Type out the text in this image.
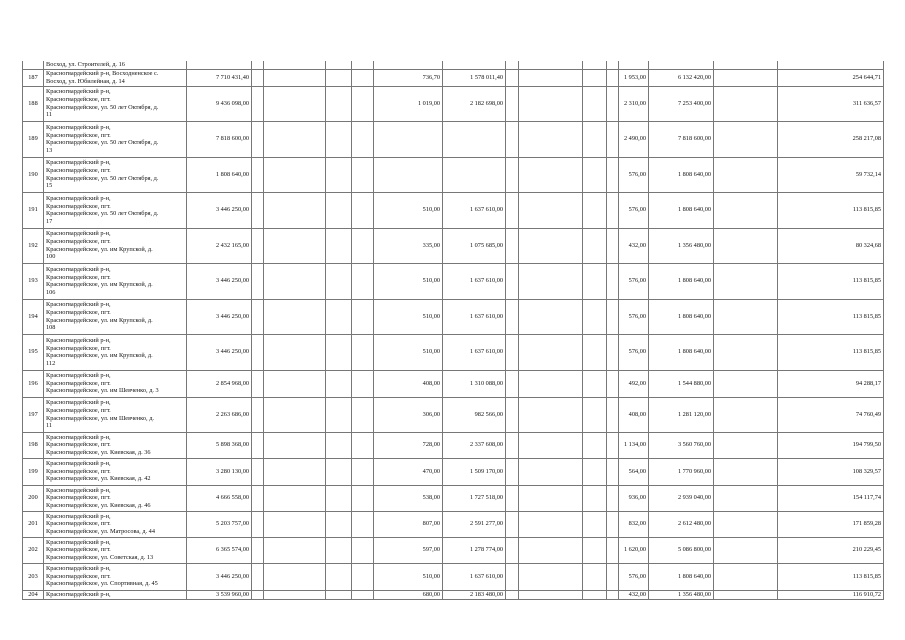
	Восход, ул. Строителей, д. 16															
187	Красногвардейский р-н, Восходненское с.
Восход, ул. Юбилейная, д. 14	7 710 431,40					736,70	1 578 011,40					1 953,00	6 132 420,00		254 644,71
188	Красногвардейский р-н,
Красногвардейское, пгт.
Красногвардейское, ул. 50 лет Октября, д.
11	9 436 098,00					1 019,00	2 182 698,00					2 310,00	7 253 400,00		311 636,57
189	Красногвардейский р-н,
Красногвардейское, пгт.
Красногвардейское, ул. 50 лет Октября, д.
13	7 818 600,00											2 490,00	7 818 600,00		258 217,08
190	Красногвардейский р-н,
Красногвардейское, пгт.
Красногвардейское, ул. 50 лет Октября, д.
15	1 808 640,00											576,00	1 808 640,00		59 732,14
191	Красногвардейский р-н,
Красногвардейское, пгт.
Красногвардейское, ул. 50 лет Октября, д.
17	3 446 250,00					510,00	1 637 610,00					576,00	1 808 640,00		113 815,85
192	Красногвардейский р-н,
Красногвардейское, пгт.
Красногвардейское, ул. им Крупской, д.
100	2 432 165,00					335,00	1 075 685,00					432,00	1 356 480,00		80 324,68
193	Красногвардейский р-н,
Красногвардейское, пгт.
Красногвардейское, ул. им Крупской, д.
106	3 446 250,00					510,00	1 637 610,00					576,00	1 808 640,00		113 815,85
194	Красногвардейский р-н,
Красногвардейское, пгт.
Красногвардейское, ул. им Крупской, д.
108	3 446 250,00					510,00	1 637 610,00					576,00	1 808 640,00		113 815,85
195	Красногвардейский р-н,
Красногвардейское, пгт.
Красногвардейское, ул. им Крупской, д.
112	3 446 250,00					510,00	1 637 610,00					576,00	1 808 640,00		113 815,85
196	Красногвардейский р-н,
Красногвардейское, пгт.
Красногвардейское, ул. им Шевченко, д. 3	2 854 968,00					408,00	1 310 088,00					492,00	1 544 880,00		94 288,17
197	Красногвардейский р-н,
Красногвардейское, пгт.
Красногвардейское, ул. им Шевченко, д.
11	2 263 686,00					306,00	982 566,00					408,00	1 281 120,00		74 760,49
198	Красногвардейский р-н,
Красногвардейское, пгт.
Красногвардейское, ул. Киевская, д. 36	5 898 368,00					728,00	2 337 608,00					1 134,00	3 560 760,00		194 799,50
199	Красногвардейский р-н,
Красногвардейское, пгт.
Красногвардейское, ул. Киевская, д. 42	3 280 130,00					470,00	1 509 170,00					564,00	1 770 960,00		108 329,57
200	Красногвардейский р-н,
Красногвардейское, пгт.
Красногвардейское, ул. Киевская, д. 46	4 666 558,00					538,00	1 727 518,00					936,00	2 939 040,00		154 117,74
201	Красногвардейский р-н,
Красногвардейское, пгт.
Красногвардейское, ул. Матросова, д. 44	5 203 757,00					807,00	2 591 277,00					832,00	2 612 480,00		171 859,28
202	Красногвардейский р-н,
Красногвардейское, пгт.
Красногвардейское, ул. Советская, д. 13	6 365 574,00					597,00	1 278 774,00					1 620,00	5 086 800,00		210 229,45
203	Красногвардейский р-н,
Красногвардейское, пгт.
Красногвардейское, ул. Спортивная, д. 45	3 446 250,00					510,00	1 637 610,00					576,00	1 808 640,00		113 815,85
204	Красногвардейский р-н,	3 539 960,00					680,00	2 183 480,00					432,00	1 356 480,00		116 910,72
